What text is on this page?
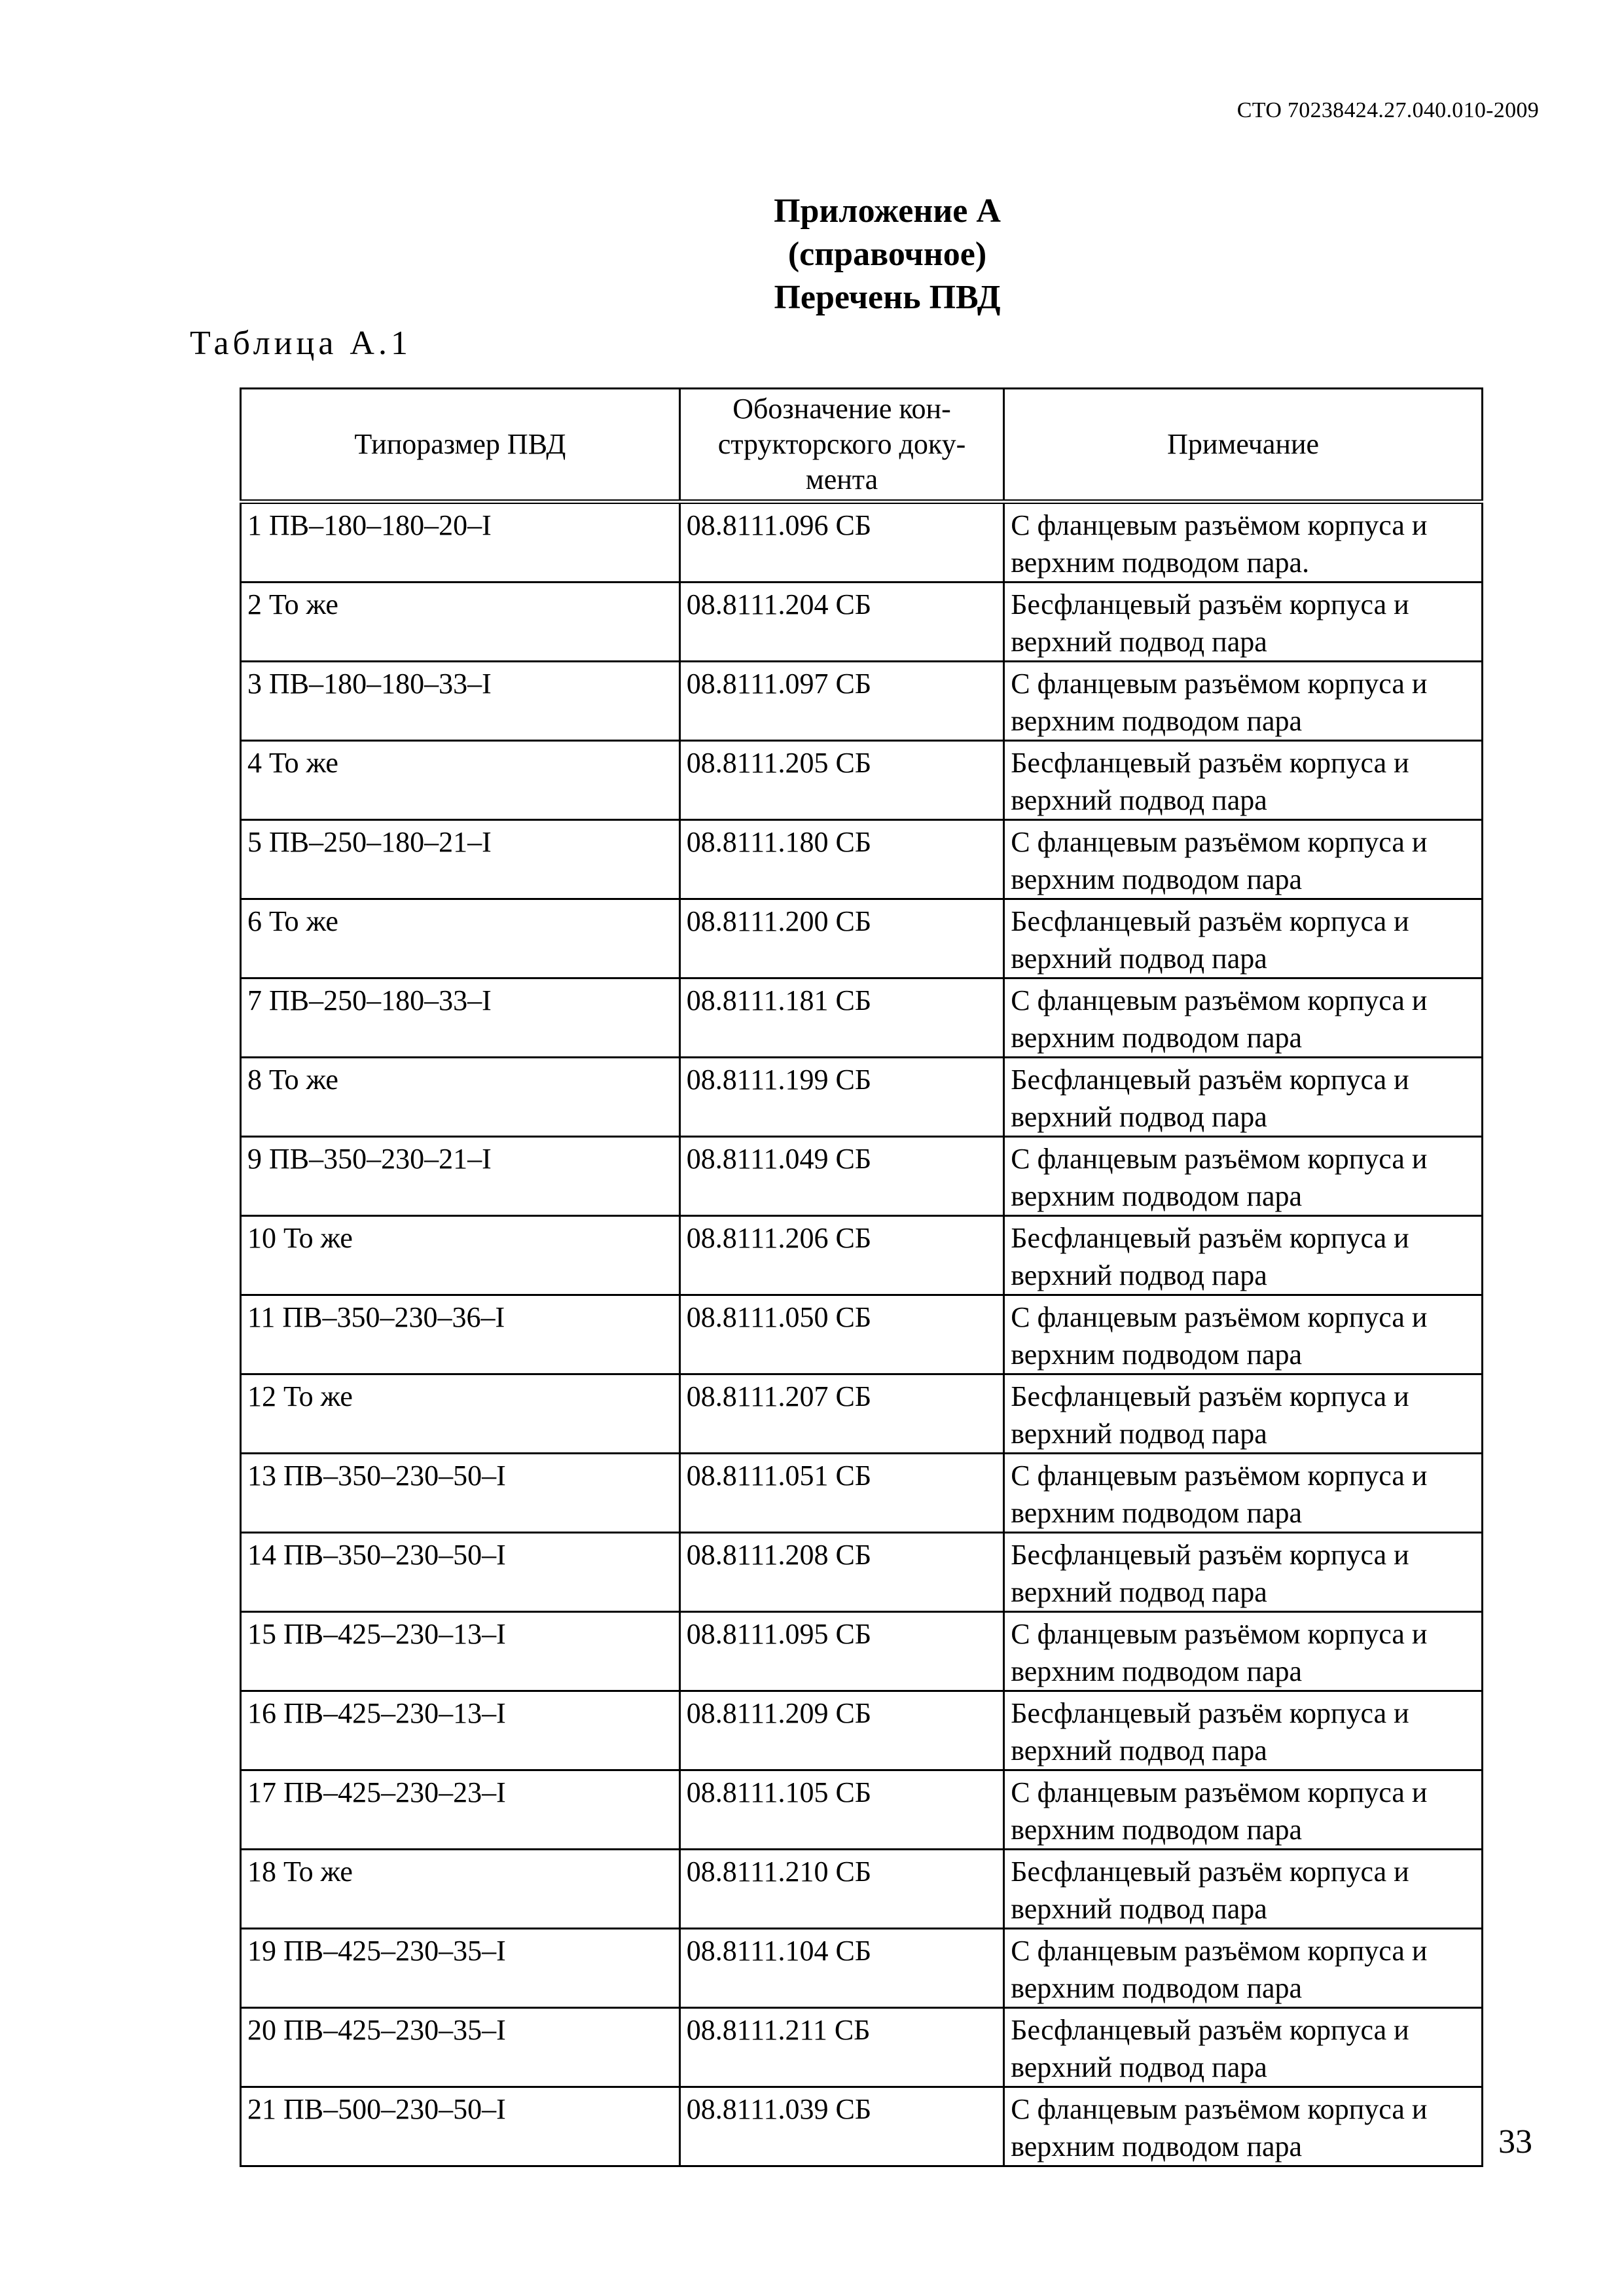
СТО 70238424.27.040.010-2009
Приложение А
(справочное)
Перечень ПВД
Таблица А.1
Типоразмер ПВД	Обозначение кон-
структорского доку-
мента	Примечание
1 ПВ–180–180–20–I	08.8111.096 СБ	С фланцевым разъёмом корпуса и верхним подводом пара.
2 То же	08.8111.204 СБ	Бесфланцевый разъём корпуса и верхний подвод пара
3 ПВ–180–180–33–I	08.8111.097 СБ	С фланцевым разъёмом корпуса и верхним подводом пара
4 То же	08.8111.205 СБ	Бесфланцевый разъём корпуса и верхний подвод пара
5 ПВ–250–180–21–I	08.8111.180 СБ	С фланцевым разъёмом корпуса и верхним подводом пара
6 То же	08.8111.200 СБ	Бесфланцевый разъём корпуса и верхний подвод пара
7 ПВ–250–180–33–I	08.8111.181 СБ	С фланцевым разъёмом корпуса и верхним подводом пара
8 То же	08.8111.199 СБ	Бесфланцевый разъём корпуса и верхний подвод пара
9 ПВ–350–230–21–I	08.8111.049 СБ	С фланцевым разъёмом корпуса и верхним подводом пара
10 То же	08.8111.206 СБ	Бесфланцевый разъём корпуса и верхний подвод пара
11 ПВ–350–230–36–I	08.8111.050 СБ	С фланцевым разъёмом корпуса и верхним подводом пара
12 То же	08.8111.207 СБ	Бесфланцевый разъём корпуса и верхний подвод пара
13 ПВ–350–230–50–I	08.8111.051 СБ	С фланцевым разъёмом корпуса и верхним подводом пара
14 ПВ–350–230–50–I	08.8111.208 СБ	Бесфланцевый разъём корпуса и верхний подвод пара
15 ПВ–425–230–13–I	08.8111.095 СБ	С фланцевым разъёмом корпуса и верхним подводом пара
16 ПВ–425–230–13–I	08.8111.209 СБ	Бесфланцевый разъём корпуса и верхний подвод пара
17 ПВ–425–230–23–I	08.8111.105 СБ	С фланцевым разъёмом корпуса и верхним подводом пара
18 То же	08.8111.210 СБ	Бесфланцевый разъём корпуса и верхний подвод пара
19 ПВ–425–230–35–I	08.8111.104 СБ	С фланцевым разъёмом корпуса и верхним подводом пара
20 ПВ–425–230–35–I	08.8111.211 СБ	Бесфланцевый разъём корпуса и верхний подвод пара
21 ПВ–500–230–50–I	08.8111.039 СБ	С фланцевым разъёмом корпуса и верхним подводом пара	33
